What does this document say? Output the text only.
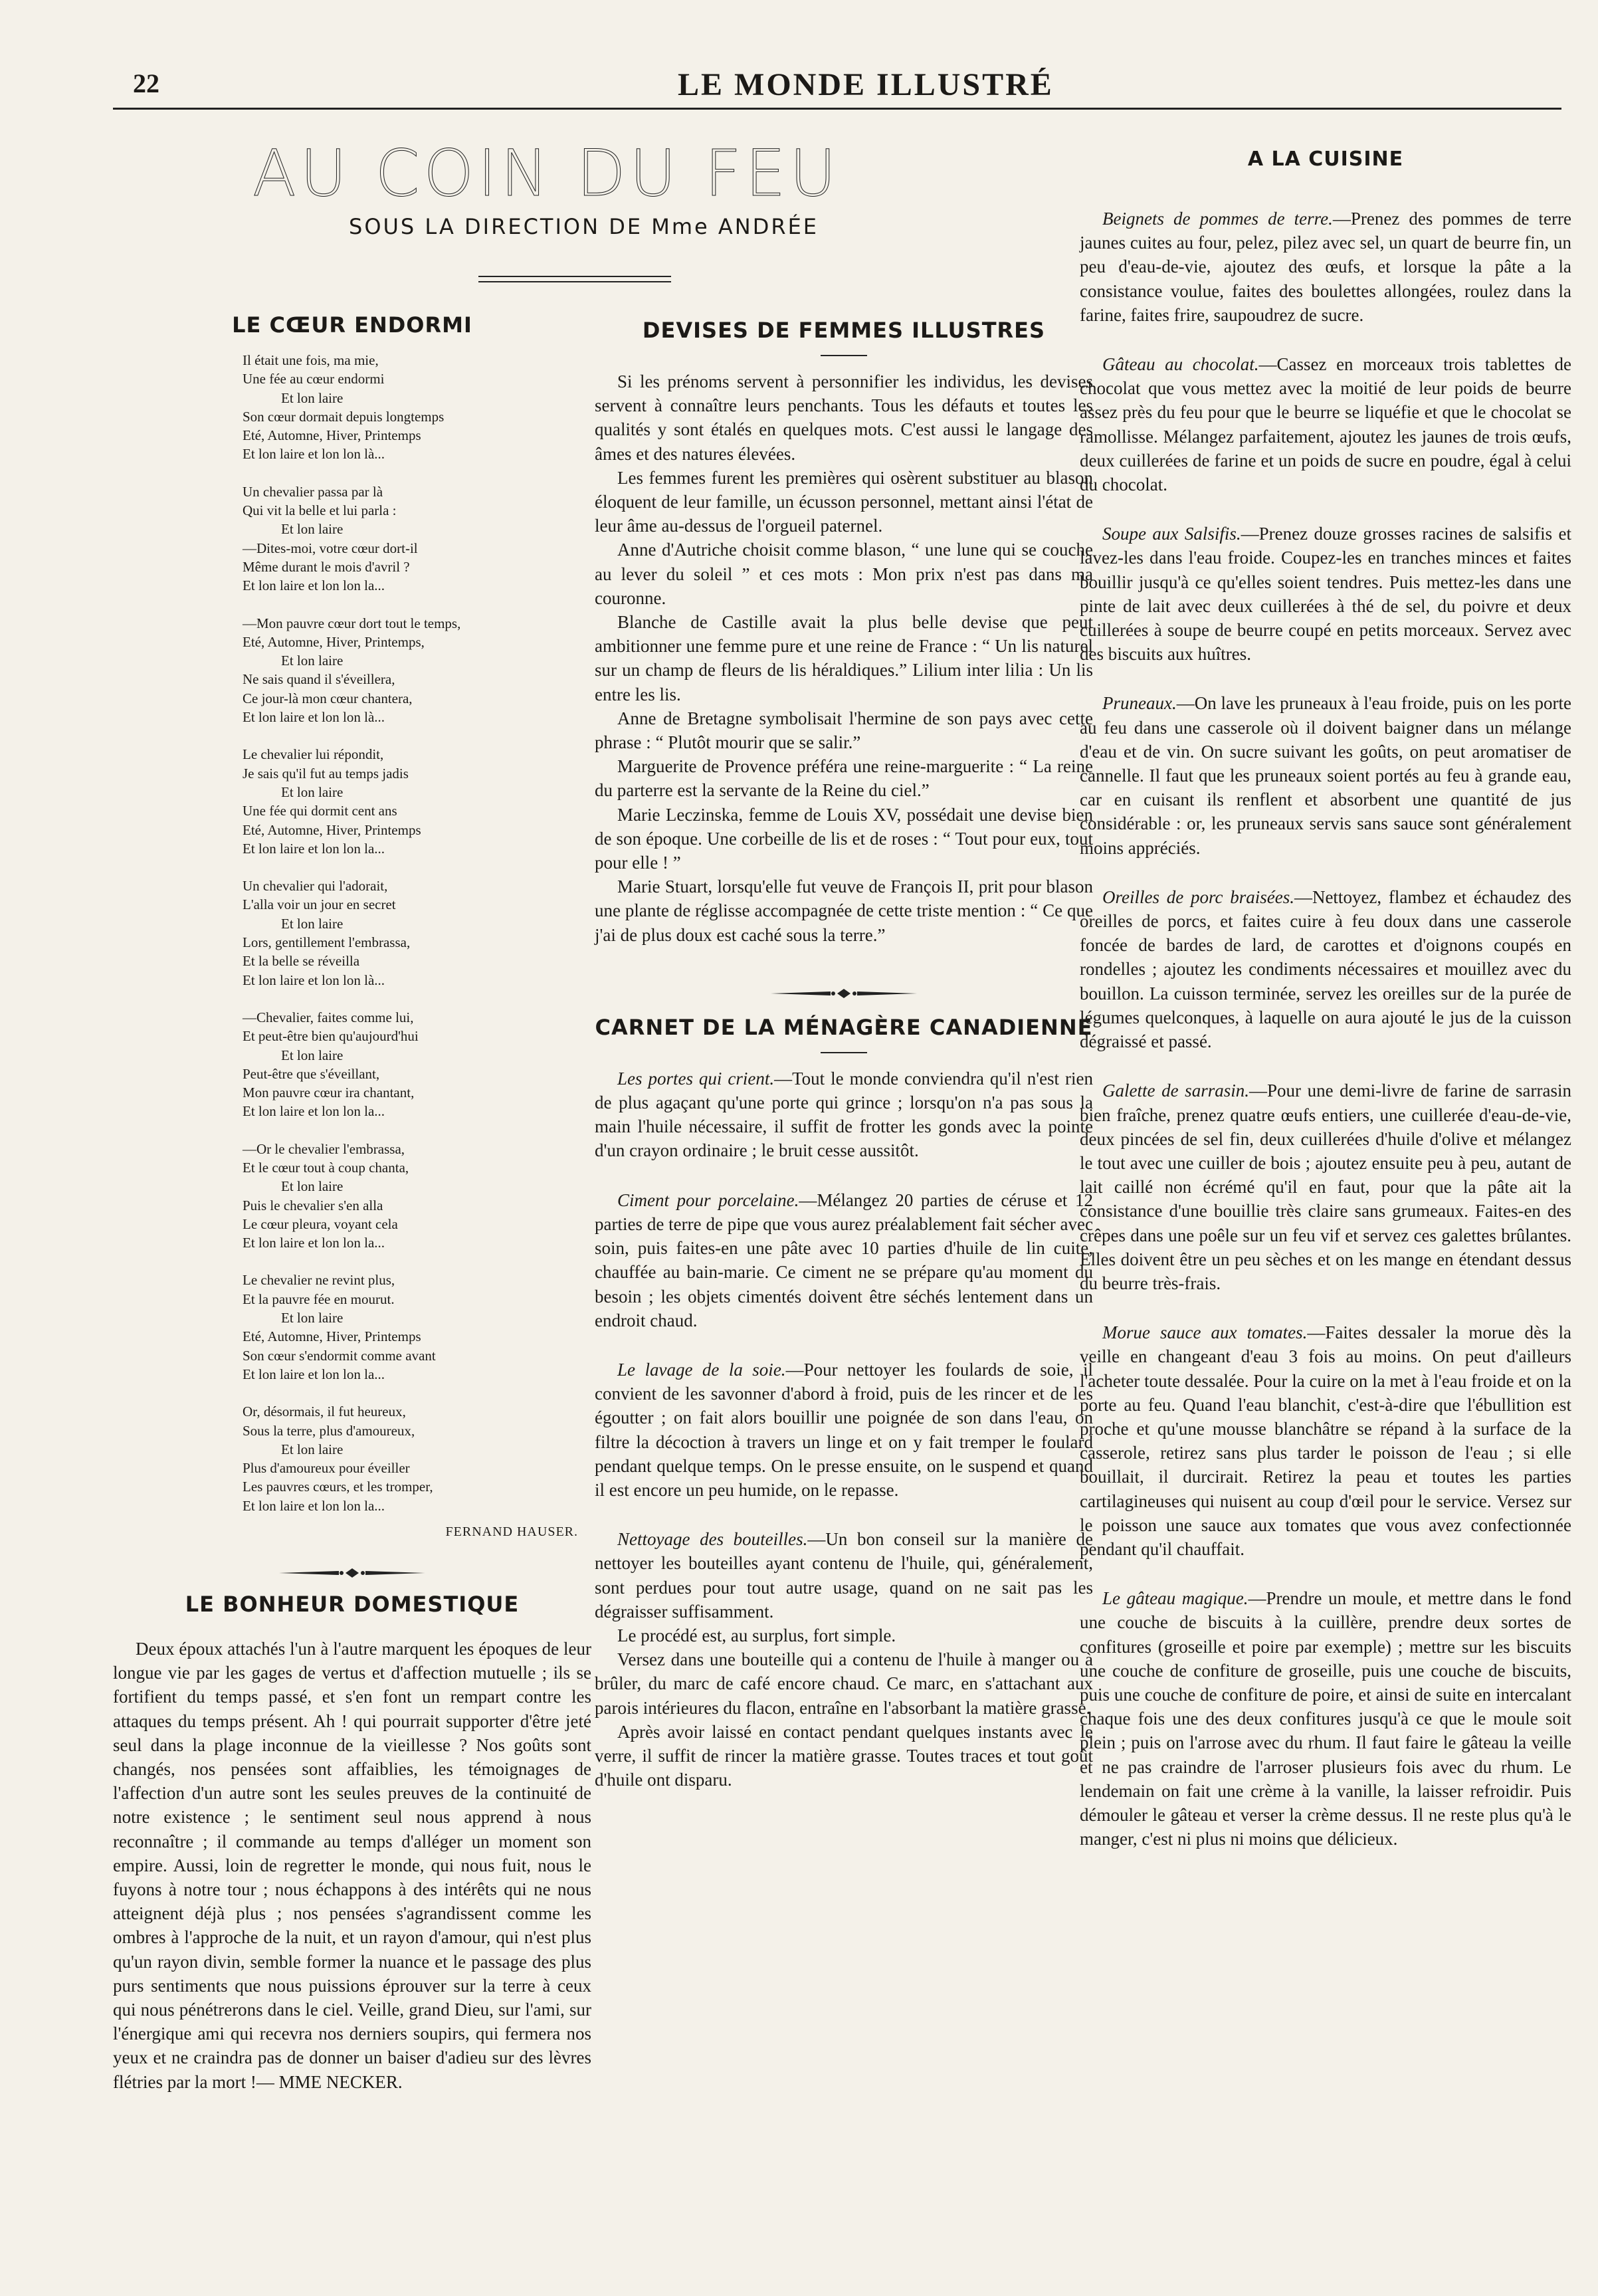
22	LE MONDE ILLUSTRÉ
AU COIN DU FEU
SOUS LA DIRECTION DE Mme ANDRÉE
LE CŒUR ENDORMI
Il était une fois, ma mie,
Une fée au cœur endormi
Et lon laire
Son cœur dormait depuis longtemps
Eté, Automne, Hiver, Printemps
Et lon laire et lon lon là...
Un chevalier passa par là
Qui vit la belle et lui parla :
Et lon laire
—Dites-moi, votre cœur dort-il
Même durant le mois d'avril ?
Et lon laire et lon lon la...
—Mon pauvre cœur dort tout le temps,
Eté, Automne, Hiver, Printemps,
Et lon laire
Ne sais quand il s'éveillera,
Ce jour-là mon cœur chantera,
Et lon laire et lon lon là...
Le chevalier lui répondit,
Je sais qu'il fut au temps jadis
Et lon laire
Une fée qui dormit cent ans
Eté, Automne, Hiver, Printemps
Et lon laire et lon lon la...
Un chevalier qui l'adorait,
L'alla voir un jour en secret
Et lon laire
Lors, gentillement l'embrassa,
Et la belle se réveilla
Et lon laire et lon lon là...
—Chevalier, faites comme lui,
Et peut-être bien qu'aujourd'hui
Et lon laire
Peut-être que s'éveillant,
Mon pauvre cœur ira chantant,
Et lon laire et lon lon la...
—Or le chevalier l'embrassa,
Et le cœur tout à coup chanta,
Et lon laire
Puis le chevalier s'en alla
Le cœur pleura, voyant cela
Et lon laire et lon lon la...
Le chevalier ne revint plus,
Et la pauvre fée en mourut.
Et lon laire
Eté, Automne, Hiver, Printemps
Son cœur s'endormit comme avant
Et lon laire et lon lon la...
Or, désormais, il fut heureux,
Sous la terre, plus d'amoureux,
Et lon laire
Plus d'amoureux pour éveiller
Les pauvres cœurs, et les tromper,
Et lon laire et lon lon la...
FERNAND HAUSER.
LE BONHEUR DOMESTIQUE

Deux époux attachés l'un à l'autre marquent les époques de leur longue vie par les gages de vertus et d'affection mutuelle ; ils se fortifient du temps passé, et s'en font un rempart contre les attaques du temps présent. Ah ! qui pourrait supporter d'être jeté seul dans la plage inconnue de la vieillesse ? Nos goûts sont changés, nos pensées sont affaiblies, les témoignages de l'affection d'un autre sont les seules preuves de la continuité de notre existence ; le sentiment seul nous apprend à nous reconnaître ; il commande au temps d'alléger un moment son empire. Aussi, loin de regretter le monde, qui nous fuit, nous le fuyons à notre tour ; nous échappons à des intérêts qui ne nous atteignent déjà plus ; nos pensées s'agrandissent comme les ombres à l'approche de la nuit, et un rayon d'amour, qui n'est plus qu'un rayon divin, semble former la nuance et le passage des plus purs sentiments que nous puissions éprouver sur la terre à ceux qui nous pénétrerons dans le ciel. Veille, grand Dieu, sur l'ami, sur l'énergique ami qui recevra nos derniers soupirs, qui fermera nos yeux et ne craindra pas de donner un baiser d'adieu sur des lèvres flétries par la mort !— MME NECKER.

DEVISES DE FEMMES ILLUSTRES

Si les prénoms servent à personnifier les individus, les devises servent à connaître leurs penchants. Tous les défauts et toutes les qualités y sont étalés en quelques mots. C'est aussi le langage des âmes et des natures élevées.

Les femmes furent les premières qui osèrent substituer au blason éloquent de leur famille, un écusson personnel, mettant ainsi l'état de leur âme au-dessus de l'orgueil paternel.

Anne d'Autriche choisit comme blason, “ une lune qui se couche au lever du soleil ” et ces mots : Mon prix n'est pas dans ma couronne.

Blanche de Castille avait la plus belle devise que peut ambitionner une femme pure et une reine de France : “ Un lis naturel sur un champ de fleurs de lis héraldiques.” Lilium inter lilia : Un lis entre les lis.

Anne de Bretagne symbolisait l'hermine de son pays avec cette phrase : “ Plutôt mourir que se salir.”

Marguerite de Provence préféra une reine-marguerite : “ La reine du parterre est la servante de la Reine du ciel.”

Marie Leczinska, femme de Louis XV, possédait une devise bien de son époque. Une corbeille de lis et de roses : “ Tout pour eux, tout pour elle ! ”

Marie Stuart, lorsqu'elle fut veuve de François II, prit pour blason une plante de réglisse accompagnée de cette triste mention : “ Ce que j'ai de plus doux est caché sous la terre.”

CARNET DE LA MÉNAGÈRE CANADIENNE

Les portes qui crient.—Tout le monde conviendra qu'il n'est rien de plus agaçant qu'une porte qui grince ; lorsqu'on n'a pas sous la main l'huile nécessaire, il suffit de frotter les gonds avec la pointe d'un crayon ordinaire ; le bruit cesse aussitôt.

Ciment pour porcelaine.—Mélangez 20 parties de céruse et 12 parties de terre de pipe que vous aurez préalablement fait sécher avec soin, puis faites-en une pâte avec 10 parties d'huile de lin cuite, chauffée au bain-marie. Ce ciment ne se prépare qu'au moment du besoin ; les objets cimentés doivent être séchés lentement dans un endroit chaud.

Le lavage de la soie.—Pour nettoyer les foulards de soie, il convient de les savonner d'abord à froid, puis de les rincer et de les égoutter ; on fait alors bouillir une poignée de son dans l'eau, on filtre la décoction à travers un linge et on y fait tremper le foulard pendant quelque temps. On le presse ensuite, on le suspend et quand il est encore un peu humide, on le repasse.

Nettoyage des bouteilles.—Un bon conseil sur la manière de nettoyer les bouteilles ayant contenu de l'huile, qui, généralement, sont perdues pour tout autre usage, quand on ne sait pas les dégraisser suffisamment.

Le procédé est, au surplus, fort simple.

Versez dans une bouteille qui a contenu de l'huile à manger ou à brûler, du marc de café encore chaud. Ce marc, en s'attachant aux parois intérieures du flacon, entraîne en l'absorbant la matière grasse.

Après avoir laissé en contact pendant quelques instants avec le verre, il suffit de rincer la matière grasse. Toutes traces et tout goût d'huile ont disparu.

A LA CUISINE

Beignets de pommes de terre.—Prenez des pommes de terre jaunes cuites au four, pelez, pilez avec sel, un quart de beurre fin, un peu d'eau-de-vie, ajoutez des œufs, et lorsque la pâte a la consistance voulue, faites des boulettes allongées, roulez dans la farine, faites frire, saupoudrez de sucre.

Gâteau au chocolat.—Cassez en morceaux trois tablettes de chocolat que vous mettez avec la moitié de leur poids de beurre assez près du feu pour que le beurre se liquéfie et que le chocolat se ramollisse. Mélangez parfaitement, ajoutez les jaunes de trois œufs, deux cuillerées de farine et un poids de sucre en poudre, égal à celui du chocolat.

Soupe aux Salsifis.—Prenez douze grosses racines de salsifis et lavez-les dans l'eau froide. Coupez-les en tranches minces et faites bouillir jusqu'à ce qu'elles soient tendres. Puis mettez-les dans une pinte de lait avec deux cuillerées à thé de sel, du poivre et deux cuillerées à soupe de beurre coupé en petits morceaux. Servez avec des biscuits aux huîtres.

Pruneaux.—On lave les pruneaux à l'eau froide, puis on les porte au feu dans une casserole où il doivent baigner dans un mélange d'eau et de vin. On sucre suivant les goûts, on peut aromatiser de cannelle. Il faut que les pruneaux soient portés au feu à grande eau, car en cuisant ils renflent et absorbent une quantité de jus considérable : or, les pruneaux servis sans sauce sont généralement moins appréciés.

Oreilles de porc braisées.—Nettoyez, flambez et échaudez des oreilles de porcs, et faites cuire à feu doux dans une casserole foncée de bardes de lard, de carottes et d'oignons coupés en rondelles ; ajoutez les condiments nécessaires et mouillez avec du bouillon. La cuisson terminée, servez les oreilles sur de la purée de légumes quelconques, à laquelle on aura ajouté le jus de la cuisson dégraissé et passé.

Galette de sarrasin.—Pour une demi-livre de farine de sarrasin bien fraîche, prenez quatre œufs entiers, une cuillerée d'eau-de-vie, deux pincées de sel fin, deux cuillerées d'huile d'olive et mélangez le tout avec une cuiller de bois ; ajoutez ensuite peu à peu, autant de lait caillé non écrémé qu'il en faut, pour que la pâte ait la consistance d'une bouillie très claire sans grumeaux. Faites-en des crêpes dans une poêle sur un feu vif et servez ces galettes brûlantes. Elles doivent être un peu sèches et on les mange en étendant dessus du beurre très-frais.

Morue sauce aux tomates.—Faites dessaler la morue dès la veille en changeant d'eau 3 fois au moins. On peut d'ailleurs l'acheter toute dessalée. Pour la cuire on la met à l'eau froide et on la porte au feu. Quand l'eau blanchit, c'est-à-dire que l'ébullition est proche et qu'une mousse blanchâtre se répand à la surface de la casserole, retirez sans plus tarder le poisson de l'eau ; si elle bouillait, il durcirait. Retirez la peau et toutes les parties cartilagineuses qui nuisent au coup d'œil pour le service. Versez sur le poisson une sauce aux tomates que vous avez confectionnée pendant qu'il chauffait.

Le gâteau magique.—Prendre un moule, et mettre dans le fond une couche de biscuits à la cuillère, prendre deux sortes de confitures (groseille et poire par exemple) ; mettre sur les biscuits une couche de confiture de groseille, puis une couche de biscuits, puis une couche de confiture de poire, et ainsi de suite en intercalant chaque fois une des deux confitures jusqu'à ce que le moule soit plein ; puis on l'arrose avec du rhum. Il faut faire le gâteau la veille et ne pas craindre de l'arroser plusieurs fois avec du rhum. Le lendemain on fait une crème à la vanille, la laisser refroidir. Puis démouler le gâteau et verser la crème dessus. Il ne reste plus qu'à le manger, c'est ni plus ni moins que délicieux.
